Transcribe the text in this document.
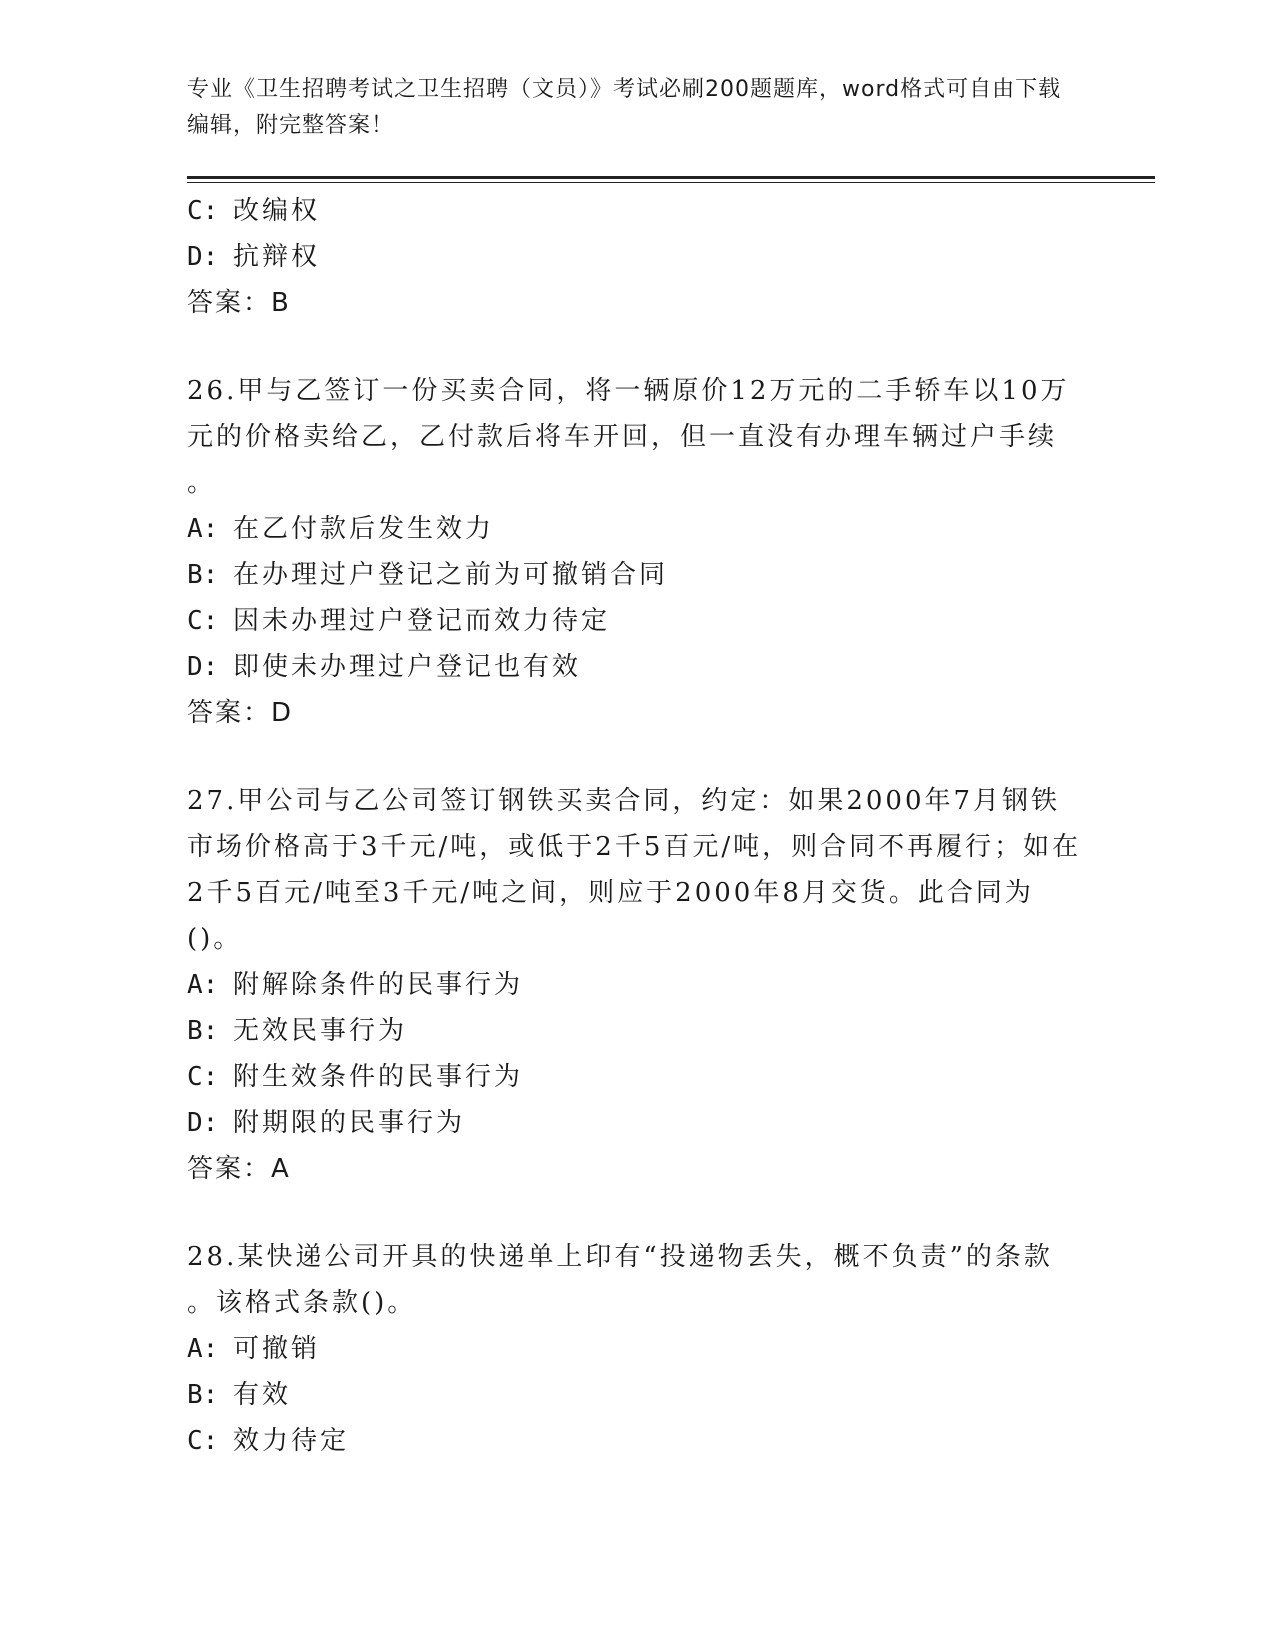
专业《卫生招聘考试之卫生招聘（文员）》考试必刷200题题库，word格式可自由下载编辑，附完整答案！
C: 改编权
D: 抗辩权
答案：B
26.甲与乙签订一份买卖合同，将一辆原价12万元的二手轿车以10万元的价格卖给乙，乙付款后将车开回，但一直没有办理车辆过户手续
。
A: 在乙付款后发生效力
B: 在办理过户登记之前为可撤销合同
C: 因未办理过户登记而效力待定
D: 即使未办理过户登记也有效
答案：D
27.甲公司与乙公司签订钢铁买卖合同，约定：如果2000年7月钢铁市场价格高于3千元/吨，或低于2千5百元/吨，则合同不再履行；如在2千5百元/吨至3千元/吨之间，则应于2000年8月交货。此合同为()。
A: 附解除条件的民事行为
B: 无效民事行为
C: 附生效条件的民事行为
D: 附期限的民事行为
答案：A
28.某快递公司开具的快递单上印有“投递物丢失，概不负责”的条款
。该格式条款()。
A: 可撤销
B: 有效
C: 效力待定
